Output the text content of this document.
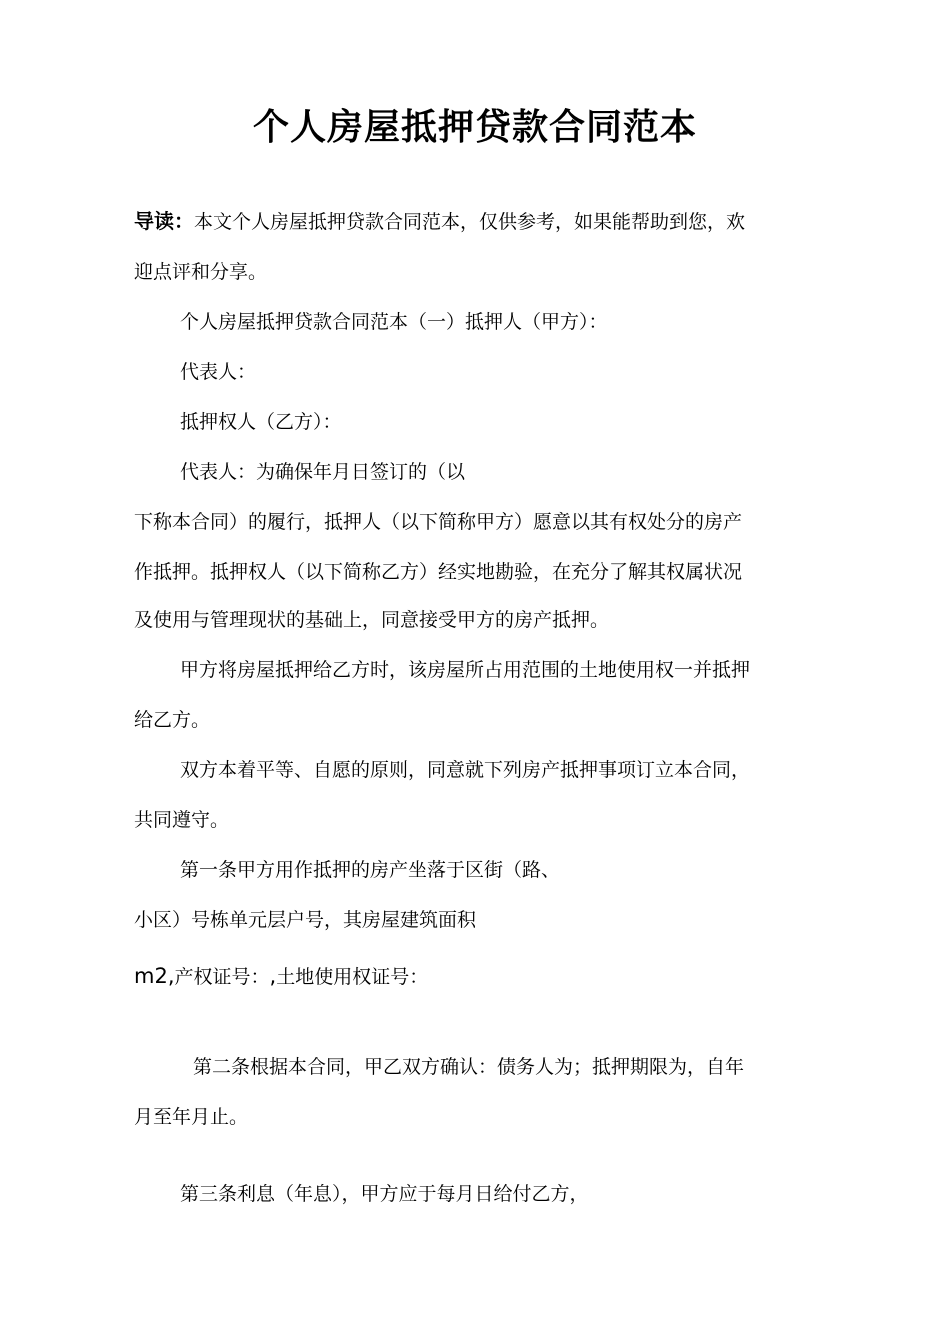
个人房屋抵押贷款合同范本
导读：本文个人房屋抵押贷款合同范本，仅供参考，如果能帮助到您，欢
迎点评和分享。
个人房屋抵押贷款合同范本（一）抵押人（甲方）：
代表人：
抵押权人（乙方）：
代表人：为确保年月日签订的（以
下称本合同）的履行，抵押人（以下简称甲方）愿意以其有权处分的房产
作抵押。抵押权人（以下简称乙方）经实地勘验，在充分了解其权属状况
及使用与管理现状的基础上，同意接受甲方的房产抵押。
甲方将房屋抵押给乙方时，该房屋所占用范围的土地使用权一并抵押
给乙方。
双方本着平等、自愿的原则，同意就下列房产抵押事项订立本合同，
共同遵守。
第一条甲方用作抵押的房产坐落于区街（路、
小区）号栋单元层户号，其房屋建筑面积
m2,产权证号：,土地使用权证号：
第二条根据本合同，甲乙双方确认：债务人为；抵押期限为，自年
月至年月止。
第三条利息（年息），甲方应于每月日给付乙方，
